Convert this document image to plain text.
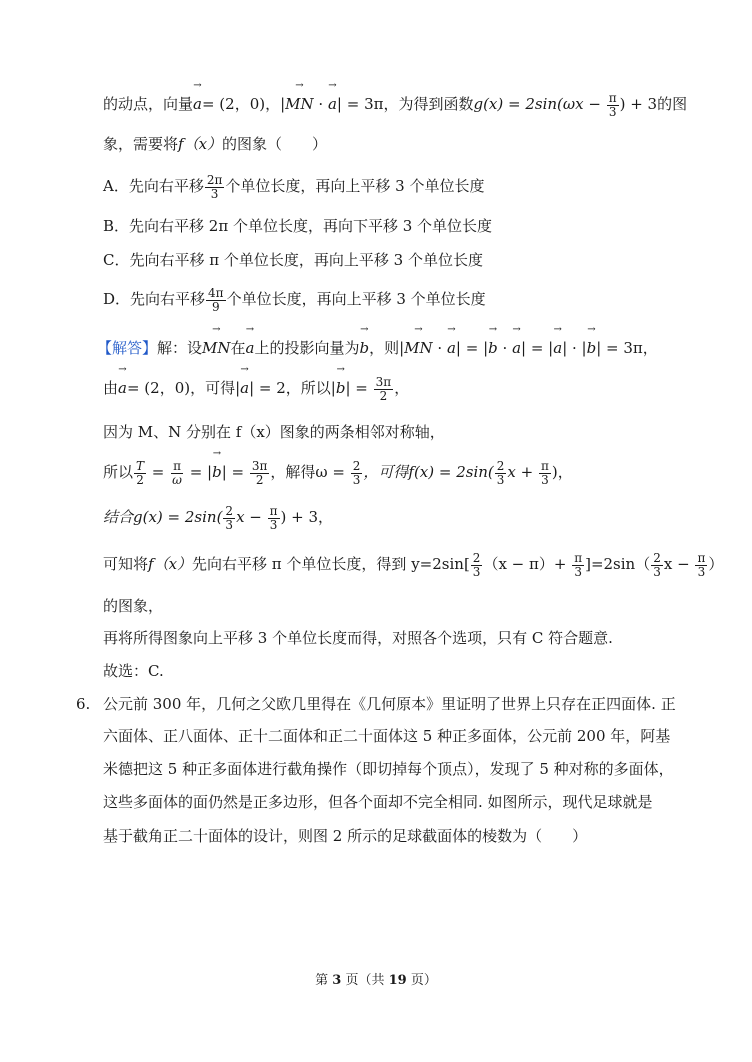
的动点，向量→ a= (2，0)，|→ MN · → a| = 3π，为得到函数$g(x) = 2\sin(\omega x - \frac{\pi}{3}$ ) + 3的图
象，需要将f（x）的图象（　　）
A．先向右平移 $\frac{2\pi}{3}$ 个单位长度，再向上平移 3 个单位长度
B．先向右平移 2π 个单位长度，再向下平移 3 个单位长度
C．先向右平移 π 个单位长度，再向上平移 3 个单位长度
D．先向右平移 $\frac{4\pi}{9}$ 个单位长度，再向上平移 3 个单位长度
【解答】解：设→ MN在→ a上的投影向量为→ b，则|→ MN · → a| = |→ b · → a| = |→ a| · |→ b| = 3π，
由→ a= (2，0)，可得|→ a| = 2，所以|→ $b| = \frac{3\pi}{2}$ ，
因为 M、N 分别在 f（x）图象的两条相邻对称轴，
所以 $\frac{T}{2} = \frac{\pi}{\omega}$ = |→ $b| = \frac{3\pi}{2}$ ，解得$\omega = \frac{2}{3}$ ，可得$f(x) = 2\sin( \frac{2}{3}$ $x + \frac{\pi}{3}$ )，
结合$g(x) = 2\sin( \frac{2}{3}$ $x - \frac{\pi}{3}$ ) + 3，
可知将f（x）先向右平移 π 个单位长度，得到 $y=2\sin[ \frac{2}{3} (x - \pi)+ \frac{\pi}{3} ]=2\sin( \frac{2}{3}$ $x - \frac{\pi}{3}$ ）
的图象，
再将所得图象向上平移 3 个单位长度而得，对照各个选项，只有 C 符合题意.
故选：C.
6. 公元前 300 年，几何之父欧几里得在《几何原本》里证明了世界上只存在正四面体. 正
六面体、正八面体、正十二面体和正二十面体这 5 种正多面体，公元前 200 年，阿基
米德把这 5 种正多面体进行截角操作（即切掉每个顶点），发现了 5 种对称的多面体，
这些多面体的面仍然是正多边形，但各个面却不完全相同. 如图所示，现代足球就是
基于截角正二十面体的设计，则图 2 所示的足球截面体的棱数为（　　）
第 3 页（共 19 页）
